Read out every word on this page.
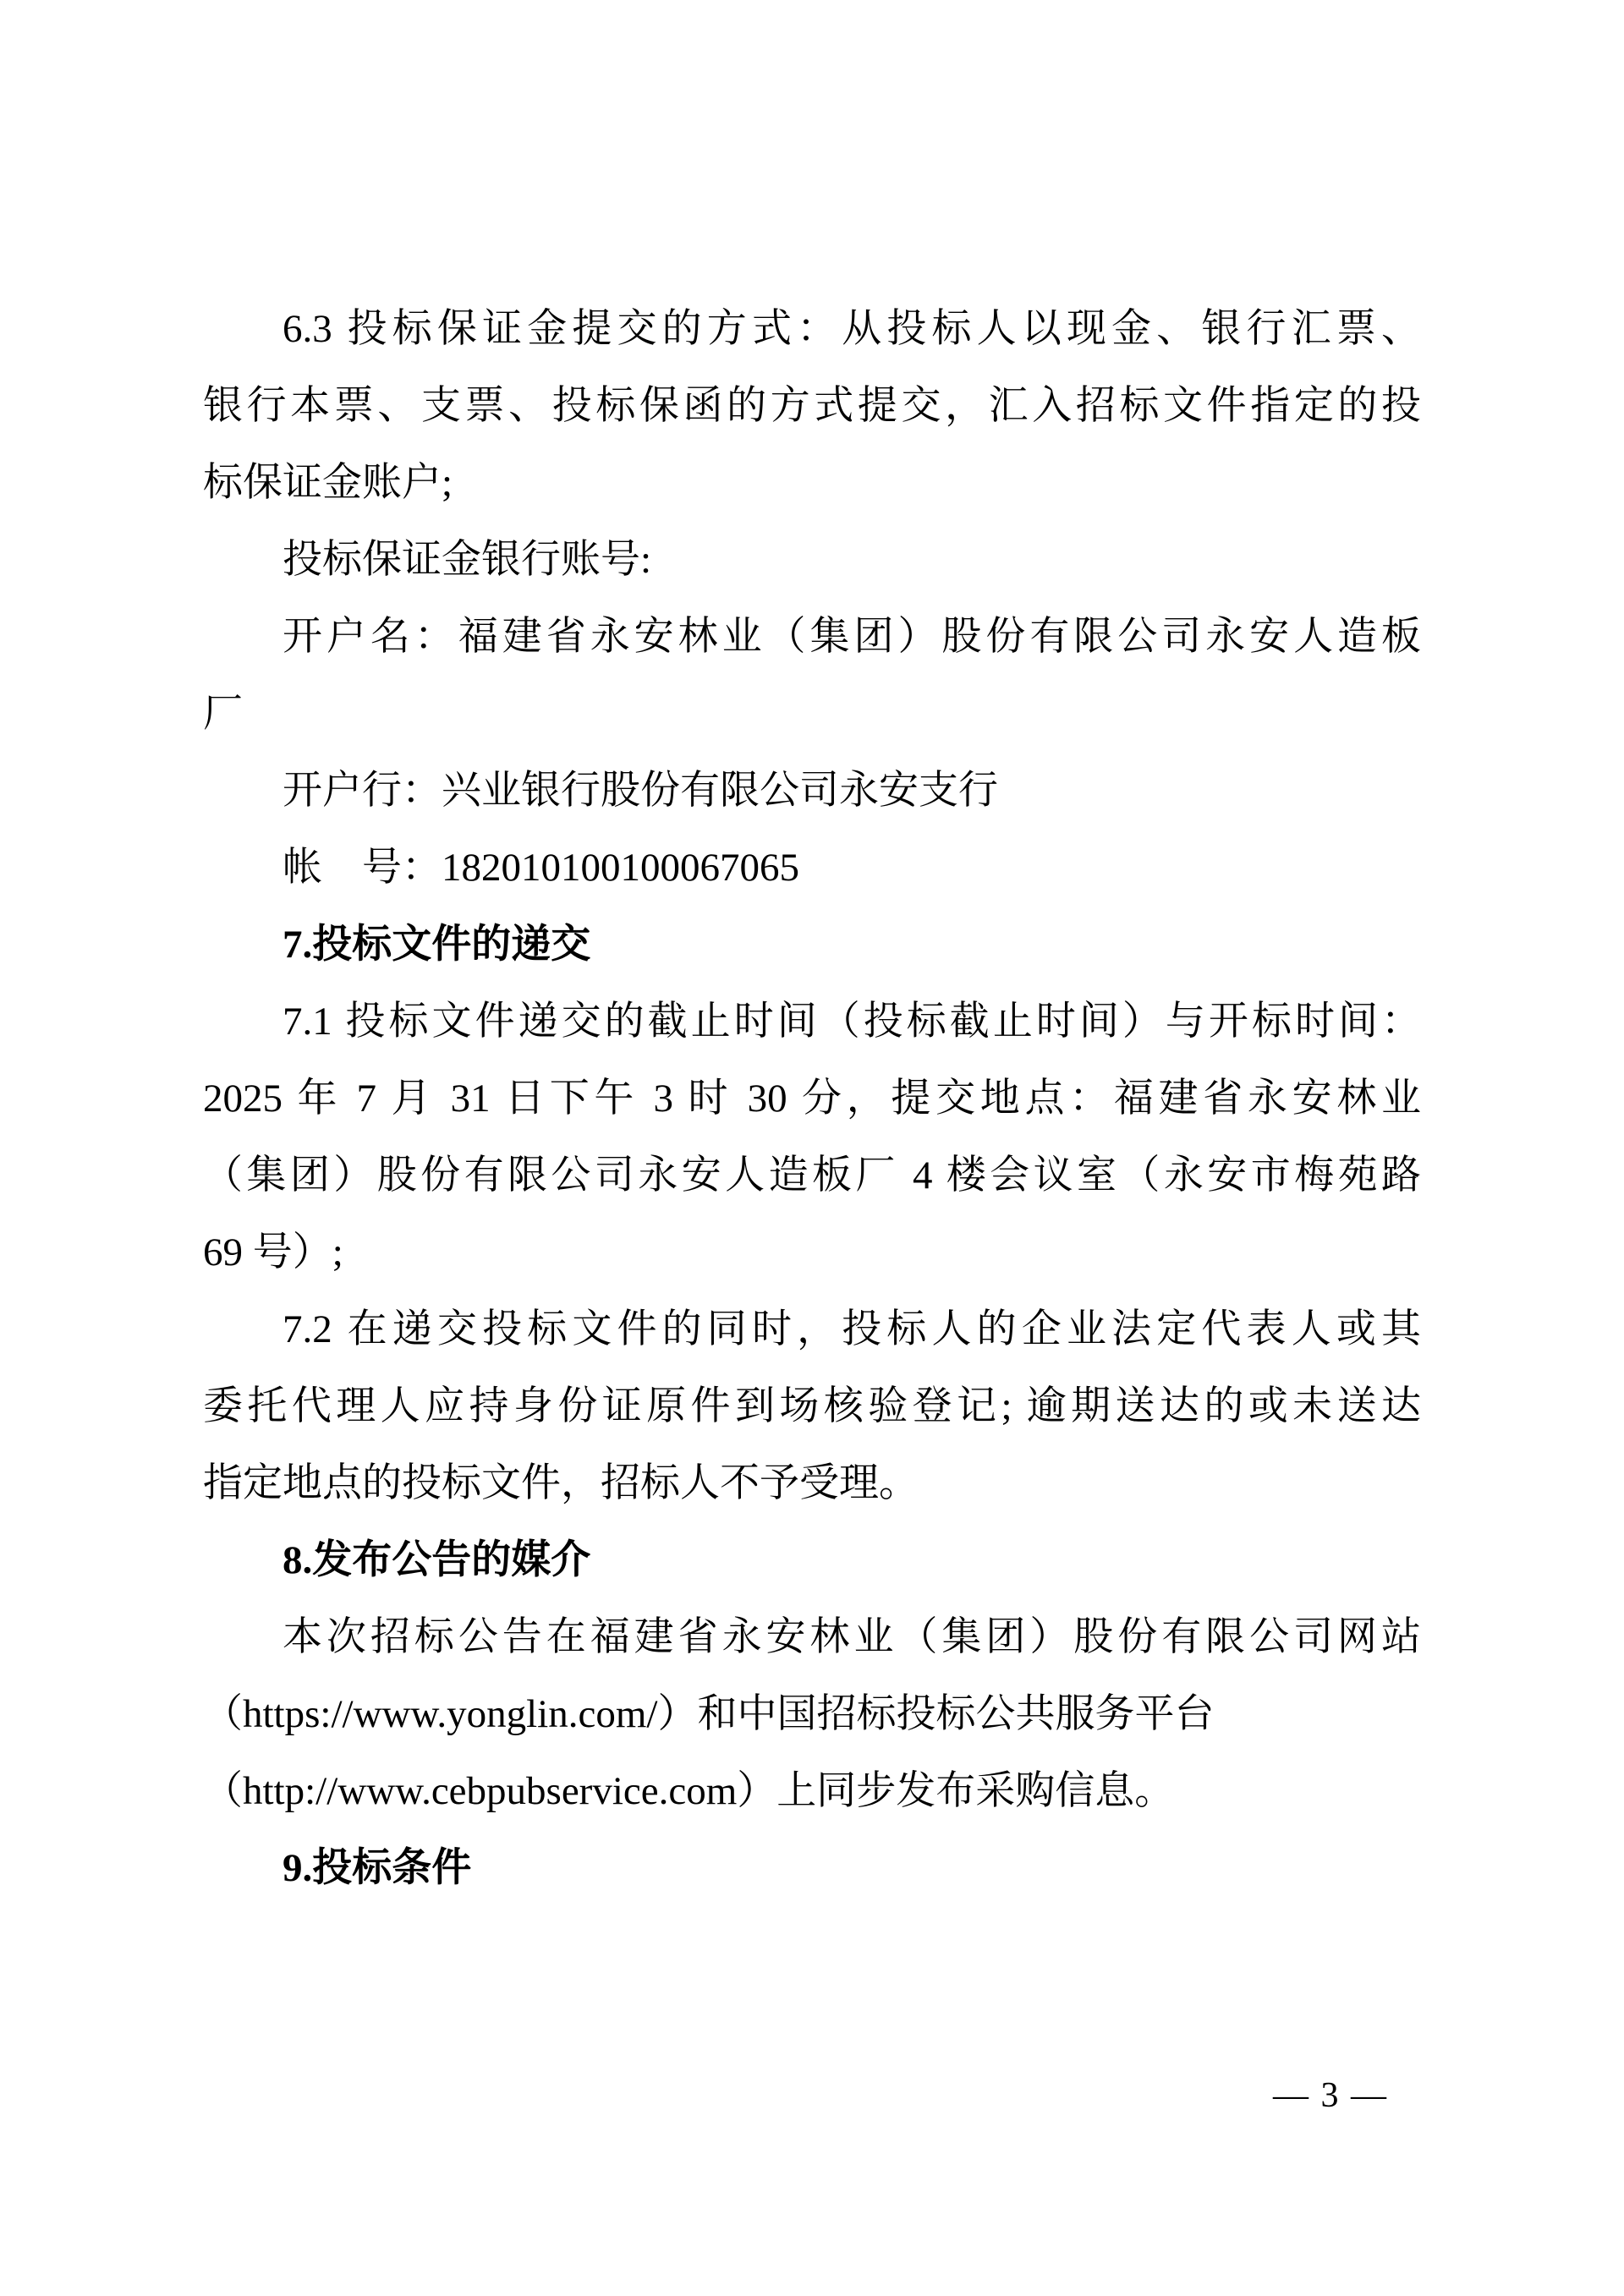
6.3 投标保证金提交的方式：从投标人以现金、银行汇票、
银行本票、支票、投标保函的方式提交，汇入招标文件指定的投
标保证金账户;
投标保证金银行账号:
开户名：福建省永安林业（集团）股份有限公司永安人造板
厂
开户行：兴业银行股份有限公司永安支行
帐　号：182010100100067065
7.投标文件的递交
7.1 投标文件递交的截止时间（投标截止时间）与开标时间：
2025 年 7 月 31 日下午 3 时 30 分，提交地点：福建省永安林业
（集团）股份有限公司永安人造板厂 4 楼会议室（永安市梅苑路
69 号）;
7.2 在递交投标文件的同时，投标人的企业法定代表人或其
委托代理人应持身份证原件到场核验登记; 逾期送达的或未送达
指定地点的投标文件，招标人不予受理。
8.发布公告的媒介
本次招标公告在福建省永安林业（集团）股份有限公司网站
（https://www.yonglin.com/）和中国招标投标公共服务平台
（http://www.cebpubservice.com）上同步发布采购信息。
9.投标条件
— 3 —
